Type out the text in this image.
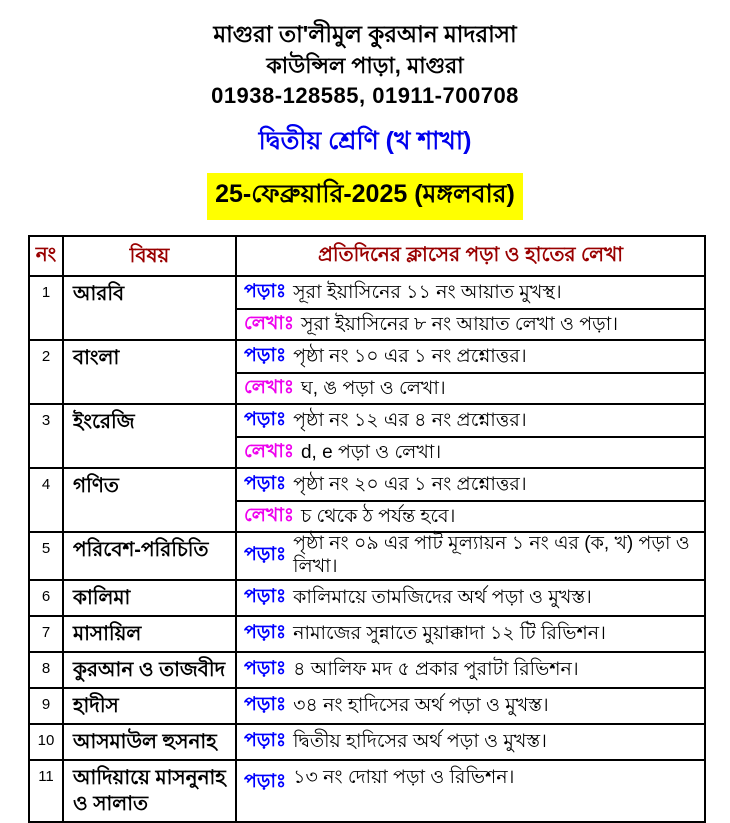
মাগুরা তা'লীমুল কুরআন মাদরাসা
কাউন্সিল পাড়া, মাগুরা
01938-128585, 01911-700708
দ্বিতীয় শ্রেণি (খ শাখা)
25-ফেব্রুয়ারি-2025 (মঙ্গলবার)
নং	বিষয়	প্রতিদিনের ক্লাসের পড়া ও হাতের লেখা
1	আরবি	পড়াঃ সূরা ইয়াসিনের ১১ নং আয়াত মুখস্থ।
লেখাঃ সূরা ইয়াসিনের ৮ নং আয়াত লেখা ও পড়া।
2	বাংলা	পড়াঃ পৃষ্ঠা নং ১০ এর ১ নং প্রশ্নোত্তর।
লেখাঃ ঘ, ঙ পড়া ও লেখা।
3	ইংরেজি	পড়াঃ পৃষ্ঠা নং ১২ এর ৪ নং প্রশ্নোত্তর।
লেখাঃ d, e পড়া ও লেখা।
4	গণিত	পড়াঃ পৃষ্ঠা নং ২০ এর ১ নং প্রশ্নোত্তর।
লেখাঃ চ থেকে ঠ পর্যন্ত হবে।
5	পরিবেশ-পরিচিতি	পড়াঃ
পৃষ্ঠা নং ০৯ এর পাট মূল্যায়ন ১ নং এর (ক, খ) পড়া ও লিখা।
6	কালিমা	পড়াঃ কালিমায়ে তামজিদের অর্থ পড়া ও মুখস্ত।
7	মাসায়িল	পড়াঃ নামাজের সুন্নাতে মুয়াক্কাদা ১২ টি রিভিশন।
8	কুরআন ও তাজবীদ পড়াঃ ৪ আলিফ মদ ৫ প্রকার পুরাটা রিভিশন।
9	হাদীস	পড়াঃ ৩৪ নং হাদিসের অর্থ পড়া ও মুখস্ত।
10 আসমাউল হুসনাহ	পড়াঃ দ্বিতীয় হাদিসের অর্থ পড়া ও মুখস্ত।
11 আদিয়ায়ে মাসনুনাহ ও সালাত
পড়াঃ ১৩ নং দোয়া পড়া ও রিভিশন।
